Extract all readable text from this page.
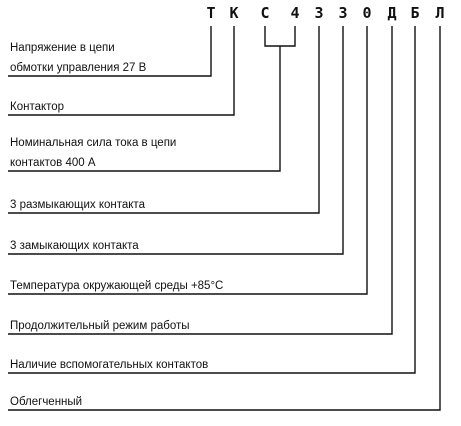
Т К С 4 3 3 0 Д Б Л
Напряжение в цепи
обмотки управления 27 В
Контактор
Номинальная сила тока в цепи
контактов 400 А
3 размыкающих контакта
3 замыкающих контакта
Температура окружающей среды +85°С
Продолжительный режим работы
Наличие вспомогательных контактов
Облегченный
